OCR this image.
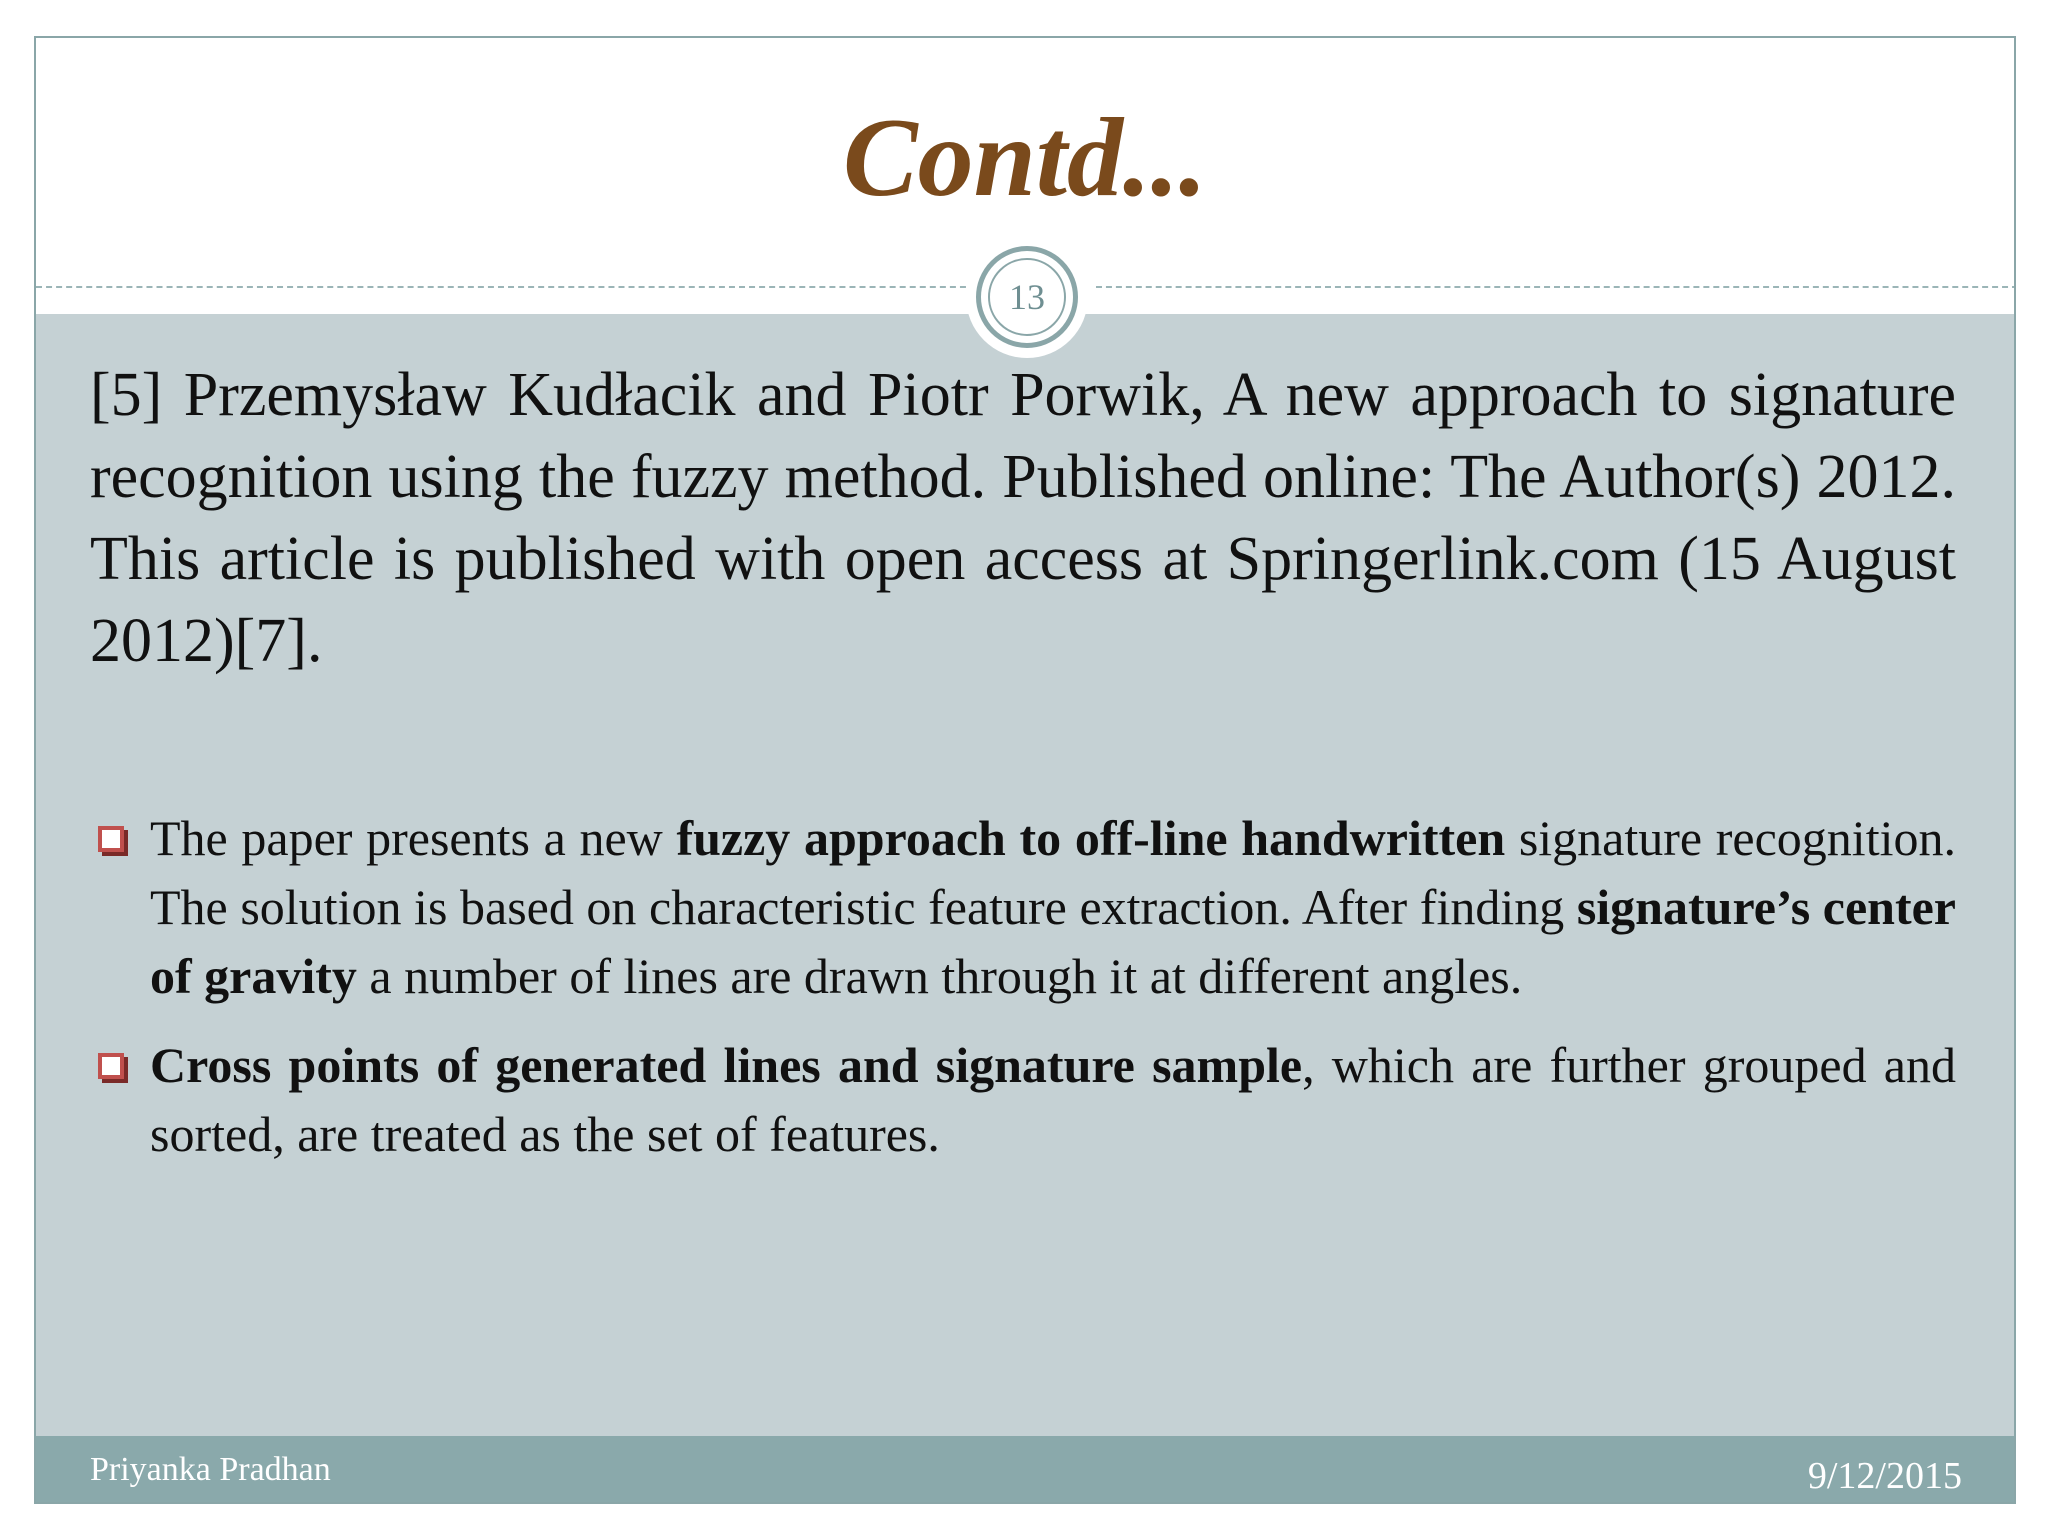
Contd...
13
[5] Przemysław Kudłacik and Piotr Porwik, A new approach to signature recognition using the fuzzy method. Published online: The Author(s) 2012. This article is published with open access at Springerlink.com (15 August 2012)[7].
The paper presents a new fuzzy approach to off-line handwritten signature recognition. The solution is based on characteristic feature extraction. After finding signature’s center of gravity a number of lines are drawn through it at different angles.
Cross points of generated lines and signature sample, which are further grouped and sorted, are treated as the set of features.
Priyanka Pradhan	9/12/2015
